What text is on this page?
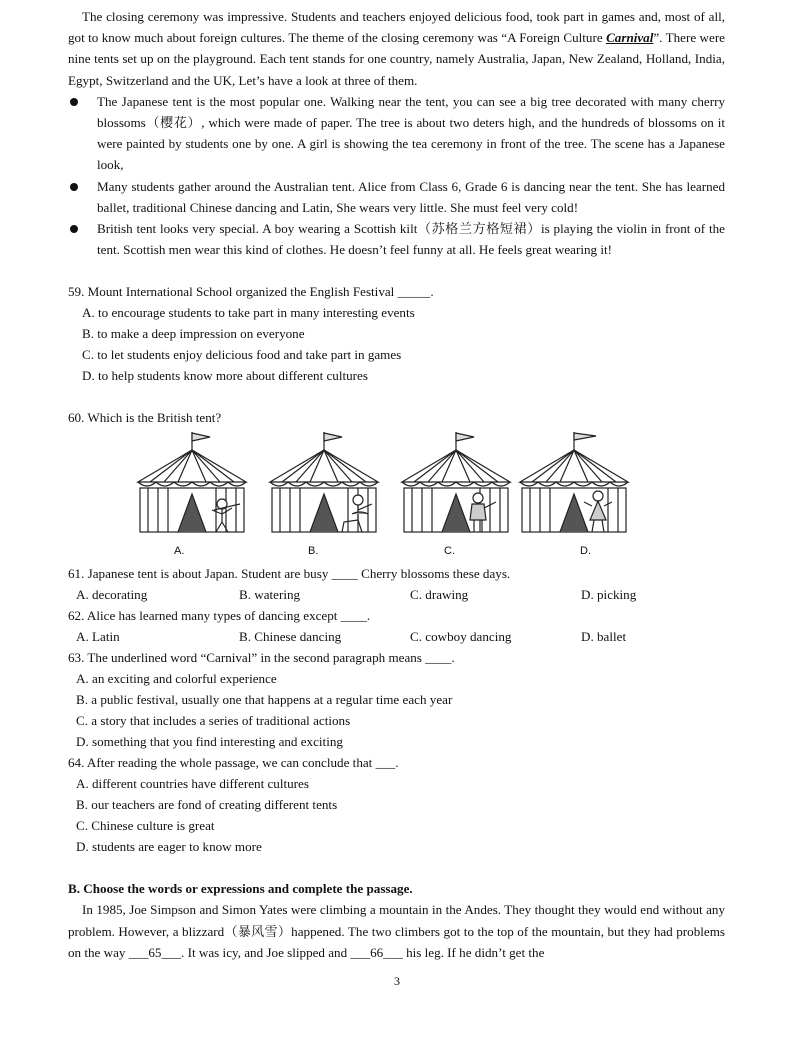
The closing ceremony was impressive. Students and teachers enjoyed delicious food, took part in games and, most of all, got to know much about foreign cultures. The theme of the closing ceremony was “A Foreign Culture Carnival”. There were nine tents set up on the playground. Each tent stands for one country, namely Australia, Japan, New Zealand, Holland, India, Egypt, Switzerland and the UK, Let’s have a look at three of them.

The Japanese tent is the most popular one. Walking near the tent, you can see a big tree decorated with many cherry blossoms（樱花）, which were made of paper. The tree is about two deters high, and the hundreds of blossoms on it were painted by students one by one. A girl is showing the tea ceremony in front of the tree. The scene has a Japanese look,
Many students gather around the Australian tent. Alice from Class 6, Grade 6 is dancing near the tent. She has learned ballet, traditional Chinese dancing and Latin, She wears very little. She must feel very cold!
British tent looks very special. A boy wearing a Scottish kilt（苏格兰方格短裙）is playing the violin in front of the tent. Scottish men wear this kind of clothes. He doesn’t feel funny at all. He feels great wearing it!

59. Mount International School organized the English Festival _____.

A. to encourage students to take part in many interesting events

B. to make a deep impression on everyone

C. to let students enjoy delicious food and take part in games

D. to help students know more about different cultures

60. Which is the British tent?

A.	B.	C.	D.

61. Japanese tent is about Japan. Student are busy ____ Cherry blossoms these days.

A. decorating	B. watering	C. drawing	D. picking

62. Alice has learned many types of dancing except ____.

A. Latin	B. Chinese dancing	C. cowboy dancing	D. ballet

63. The underlined word “Carnival” in the second paragraph means ____.

A. an exciting and colorful experience

B. a public festival, usually one that happens at a regular time each year

C. a story that includes a series of traditional actions

D. something that you find interesting and exciting

64. After reading the whole passage, we can conclude that ___.

A. different countries have different cultures

B. our teachers are fond of creating different tents

C. Chinese culture is great

D. students are eager to know more

B. Choose the words or expressions and complete the passage.

In 1985, Joe Simpson and Simon Yates were climbing a mountain in the Andes. They thought they would end without any problem. However, a blizzard（暴风雪）happened. The two climbers got to the top of the mountain, but they had problems on the way ___65___. It was icy, and Joe slipped and ___66___ his leg. If he didn’t get the

3
